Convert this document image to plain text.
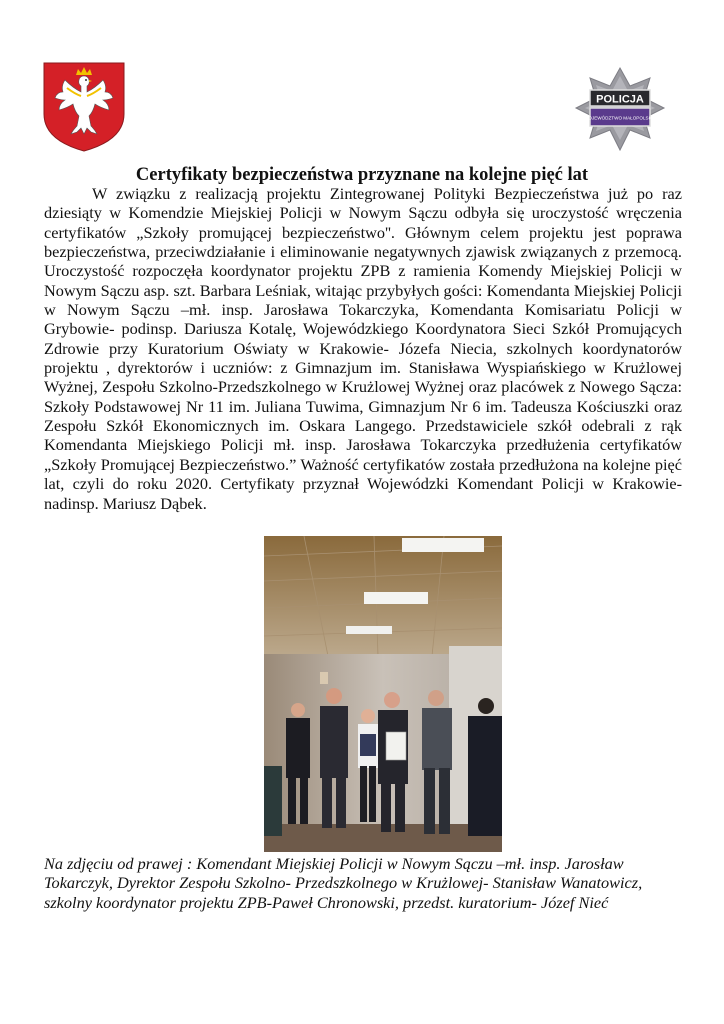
POLICJA
WOJEWÓDZTWO MAŁOPOLSKIE
Certyfikaty bezpieczeństwa przyznane na kolejne pięć lat

W związku z realizacją projektu Zintegrowanej Polityki Bezpieczeństwa już po raz dziesiąty w Komendzie Miejskiej Policji w Nowym Sączu odbyła się uroczystość wręczenia certyfikatów „Szkoły promującej bezpieczeństwo''. Głównym celem projektu jest poprawa bezpieczeństwa, przeciwdziałanie i eliminowanie negatywnych zjawisk związanych z przemocą. Uroczystość rozpoczęła koordynator projektu ZPB z ramienia Komendy Miejskiej Policji w Nowym Sączu asp. szt. Barbara Leśniak, witając przybyłych gości: Komendanta Miejskiej Policji w Nowym Sączu –mł. insp. Jarosława Tokarczyka, Komendanta Komisariatu Policji w Grybowie- podinsp. Dariusza Kotalę, Wojewódzkiego Koordynatora Sieci Szkół Promujących Zdrowie przy Kuratorium Oświaty w Krakowie- Józefa Niecia, szkolnych koordynatorów projektu , dyrektorów i uczniów: z Gimnazjum im. Stanisława Wyspiańskiego w Krużlowej Wyżnej, Zespołu Szkolno-Przedszkolnego w Krużlowej Wyżnej oraz placówek z Nowego Sącza: Szkoły Podstawowej Nr 11 im. Juliana Tuwima, Gimnazjum Nr 6 im. Tadeusza Kościuszki oraz Zespołu Szkół Ekonomicznych im. Oskara Langego. Przedstawiciele szkół odebrali z rąk Komendanta Miejskiego Policji mł. insp. Jarosława Tokarczyka przedłużenia certyfikatów „Szkoły Promującej Bezpieczeństwo.” Ważność certyfikatów została przedłużona na kolejne pięć lat, czyli do roku 2020. Certyfikaty przyznał Wojewódzki Komendant Policji w Krakowie- nadinsp. Mariusz Dąbek.

Na zdjęciu od prawej : Komendant Miejskiej Policji w Nowym Sączu –mł. insp. Jarosław Tokarczyk, Dyrektor Zespołu Szkolno- Przedszkolnego w Krużlowej- Stanisław Wanatowicz, szkolny koordynator projektu ZPB-Paweł Chronowski, przedst. kuratorium- Józef Nieć
